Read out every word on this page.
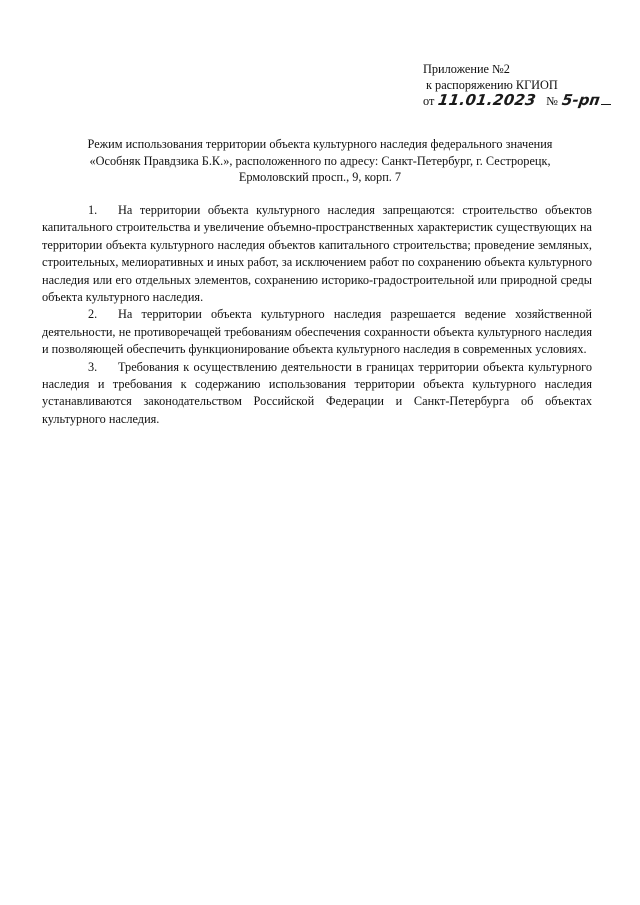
Приложение №2
к распоряжению КГИОП
от 11.01.2023 № 5-рп
Режим использования территории объекта культурного наследия федерального значения
«Особняк Правдзика Б.К.», расположенного по адресу: Санкт-Петербург, г. Сестрорецк,
Ермоловский просп., 9, корп. 7

1. На территории объекта культурного наследия запрещаются: строительство объектов капитального строительства и увеличение объемно-пространственных характеристик существующих на территории объекта культурного наследия объектов капитального строительства; проведение земляных, строительных, мелиоративных и иных работ, за исключением работ по сохранению объекта культурного наследия или его отдельных элементов, сохранению историко-градостроительной или природной среды объекта культурного наследия.

2. На территории объекта культурного наследия разрешается ведение хозяйственной деятельности, не противоречащей требованиям обеспечения сохранности объекта культурного наследия и позволяющей обеспечить функционирование объекта культурного наследия в современных условиях.

3. Требования к осуществлению деятельности в границах территории объекта культурного наследия и требования к содержанию использования территории объекта культурного наследия устанавливаются законодательством Российской Федерации и Санкт-Петербурга об объектах культурного наследия.
